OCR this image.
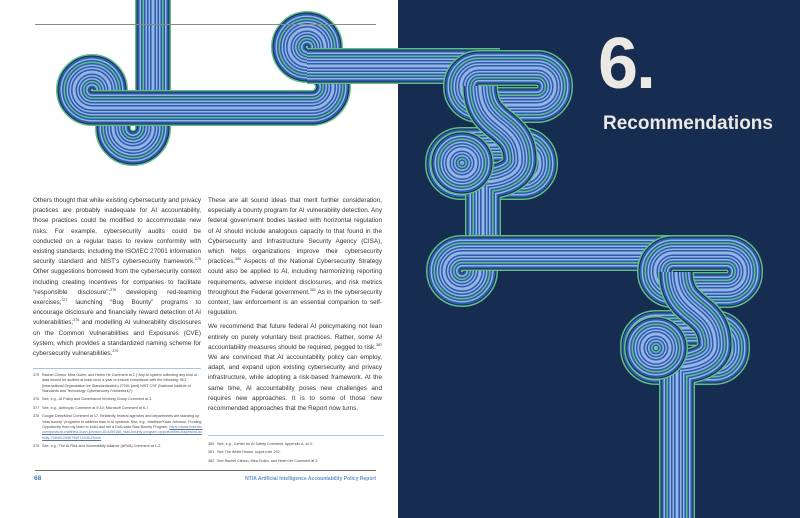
Others thought that while existing cybersecurity and privacy practices are probably inadequate for AI accountability, those practices could be modified to accommodate new risks. For example, cybersecurity audits could be conducted on a regular basis to review conformity with existing standards, including the ISO/IEC 27001 information security standard and NIST's cybersecurity framework.$^{375}$ Other suggestions borrowed from the cybersecurity context including creating incentives for companies to facilitate “responsible disclosure”;$^{376}$ developing red-teaming exercises;$^{377}$ launching “Bug Bounty” programs to encourage disclosure and financially reward detection of AI vulnerabilities;$^{378}$ and modelling AI vulnerability disclosures on the Common Vulnerabilities and Exposures (CVE) system, which provides a standardized naming scheme for cybersecurity vulnerabilities.$^{379}$

These are all sound ideas that merit further consideration, especially a bounty program for AI vulnerability detection. Any federal government bodies tasked with horizontal regulation of AI should include analogous capacity to that found in the Cybersecurity and Infrastructure Security Agency (CISA), which helps organizations improve their cybersecurity practices.$^{380}$ Aspects of the National Cybersecurity Strategy could also be applied to AI, including harmonizing reporting requirements, adverse incident disclosures, and risk metrics throughout the Federal government.$^{381}$ As in the cybersecurity context, law enforcement is an essential companion to self-regulation.

We recommend that future federal AI policymaking not lean entirely on purely voluntary best practices. Rather, some AI accountability measures should be required, pegged to risk.$^{382}$ We are convinced that AI accountability policy can employ, adapt, and expand upon existing cybersecurity and privacy infrastructure, while adopting a risk-based framework. At the same time, AI accountability poses new challenges and requires new approaches. It is to some of those new recommended approaches that the Report now turns.

375 Rachel Clinton, Mira Gulen, and Helen He Comment at 2 (“Any AI system collecting any kind of data should be audited at least once a year to ensure compliance with the following: ISO (International Organization for Standardization) 27001 [and] NIST CSF (National Institute of Standards and Technology Cybersecurity Framework)”).
376 See, e.g., AI Policy and Governance Working Group Comment at 3.
377 See, e.g., Anthropic Comment at 9-10; Microsoft Comment at 6-7.
378 Google DeepMind Comment at 17. Relatedly, federal agencies and departments are standing up “bias bounty” programs to address bias in AI systems. See, e.g., Matthew Kuan Johnson, Funding Opportunity from my team to build and run a DoD-wide Bias Bounty Program, https://www.linkedin.com/posts/dr-matthew-kuan-johnson-814459168_bias-bounty-program-opportunities-tradewind-activity-7084912055759074305-ZNmr/
379 See, e.g., The AI Risk and Vulnerability Alliance (ARVA) Comment at 1-2.
380 See, e.g., Center for AI Safety Comment, Appendix A, at 3.
381 See The White House, supra note 292.
382 See Rachel Clinton, Mira Gulen, and Helen He Comment at 2.
68	NTIA Artificial Intelligence Accountability Policy Report
6.
Recommendations
